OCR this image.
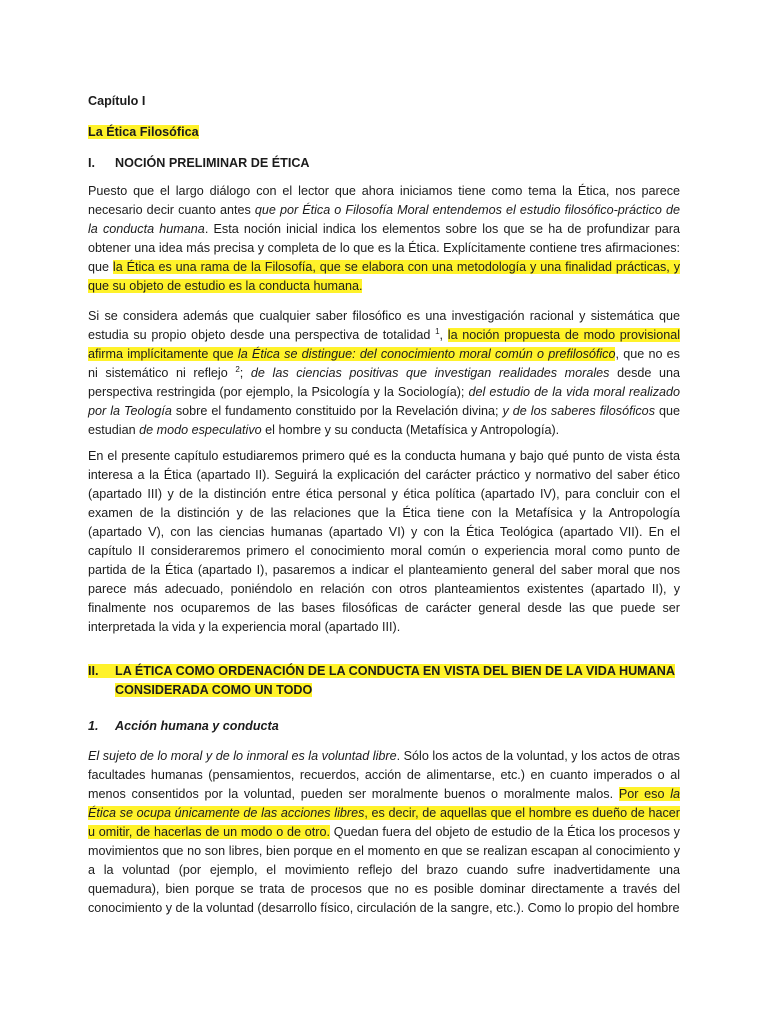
Capítulo I
La Ética Filosófica
I. NOCIÓN PRELIMINAR DE ÉTICA

Puesto que el largo diálogo con el lector que ahora iniciamos tiene como tema la Ética, nos parece necesario decir cuanto antes que por Ética o Filosofía Moral entendemos el estudio filosófico-práctico de la conducta humana. Esta noción inicial indica los elementos sobre los que se ha de profundizar para obtener una idea más precisa y completa de lo que es la Ética. Explícitamente contiene tres afirmaciones: que la Ética es una rama de la Filosofía, que se elabora con una metodología y una finalidad prácticas, y que su objeto de estudio es la conducta humana.

Si se considera además que cualquier saber filosófico es una investigación racional y sistemática que estudia su propio objeto desde una perspectiva de totalidad $^1$, la noción propuesta de modo provisional afirma implícitamente que la Ética se distingue: del conocimiento moral común o prefilosófico, que no es ni sistemático ni reflejo $^2$; de las ciencias positivas que investigan realidades morales desde una perspectiva restringida (por ejemplo, la Psicología y la Sociología); del estudio de la vida moral realizado por la Teología sobre el fundamento constituido por la Revelación divina; y de los saberes filosóficos que estudian de modo especulativo el hombre y su conducta (Metafísica y Antropología).

En el presente capítulo estudiaremos primero qué es la conducta humana y bajo qué punto de vista ésta interesa a la Ética (apartado II). Seguirá la explicación del carácter práctico y normativo del saber ético (apartado III) y de la distinción entre ética personal y ética política (apartado IV), para concluir con el examen de la distinción y de las relaciones que la Ética tiene con la Metafísica y la Antropología (apartado V), con las ciencias humanas (apartado VI) y con la Ética Teológica (apartado VII). En el capítulo II consideraremos primero el conocimiento moral común o experiencia moral como punto de partida de la Ética (apartado I), pasaremos a indicar el planteamiento general del saber moral que nos parece más adecuado, poniéndolo en relación con otros planteamientos existentes (apartado II), y finalmente nos ocuparemos de las bases filosóficas de carácter general desde las que puede ser interpretada la vida y la experiencia moral (apartado III).

II. LA ÉTICA COMO ORDENACIÓN DE LA CONDUCTA EN VISTA DEL BIEN DE LA VIDA HUMANA
CONSIDERADA COMO UN TODO
1. Acción humana y conducta

El sujeto de lo moral y de lo inmoral es la voluntad libre. Sólo los actos de la voluntad, y los actos de otras facultades humanas (pensamientos, recuerdos, acción de alimentarse, etc.) en cuanto imperados o al menos consentidos por la voluntad, pueden ser moralmente buenos o moralmente malos. Por eso la Ética se ocupa únicamente de las acciones libres, es decir, de aquellas que el hombre es dueño de hacer u omitir, de hacerlas de un modo o de otro. Quedan fuera del objeto de estudio de la Ética los procesos y movimientos que no son libres, bien porque en el momento en que se realizan escapan al conocimiento y a la voluntad (por ejemplo, el movimiento reflejo del brazo cuando sufre inadvertidamente una quemadura), bien porque se trata de procesos que no es posible dominar directamente a través del conocimiento y de la voluntad (desarrollo físico, circulación de la sangre, etc.). Como lo propio del hombre
